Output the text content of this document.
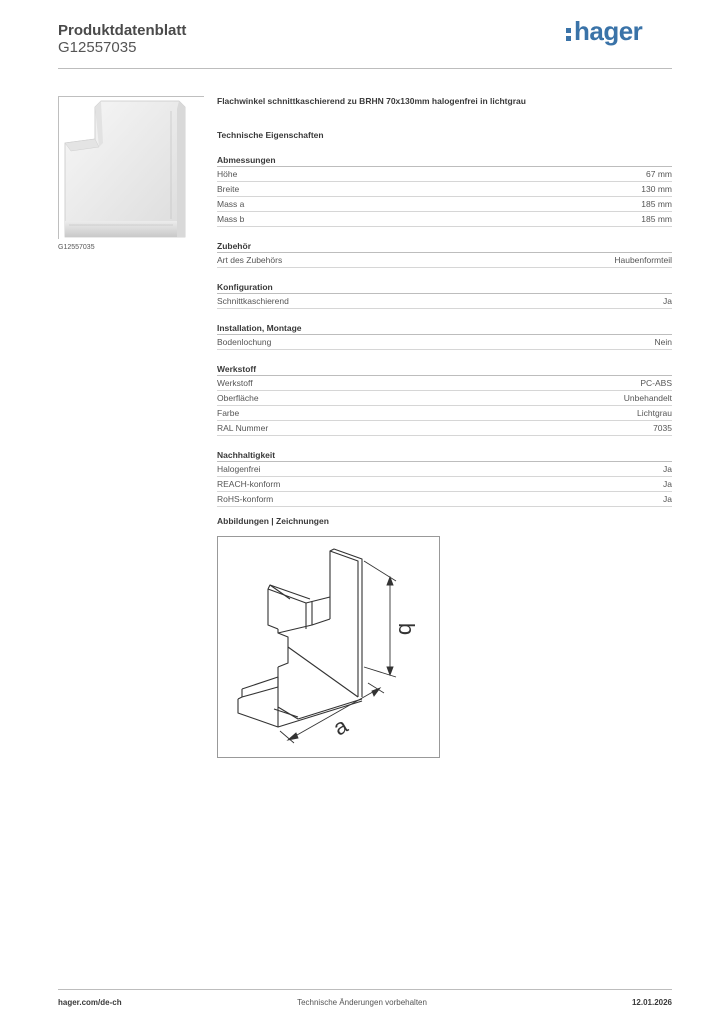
Produktdatenblatt
G12557035
hager
G12557035
Flachwinkel schnittkaschierend zu BRHN 70x130mm halogenfrei in lichtgrau
Technische Eigenschaften
Abmessungen
Höhe	67 mm
Breite	130 mm
Mass a	185 mm
Mass b	185 mm
Zubehör
Art des Zubehörs	Haubenformteil
Konfiguration
Schnittkaschierend	Ja
Installation, Montage
Bodenlochung	Nein
Werkstoff
Werkstoff	PC-ABS
Oberfläche	Unbehandelt
Farbe	Lichtgrau
RAL Nummer	7035
Nachhaltigkeit
Halogenfrei	Ja
REACH-konform	Ja
RoHS-konform	Ja
Abbildungen | Zeichnungen
b
a
hager.com/de-ch	Technische Änderungen vorbehalten	12.01.2026
